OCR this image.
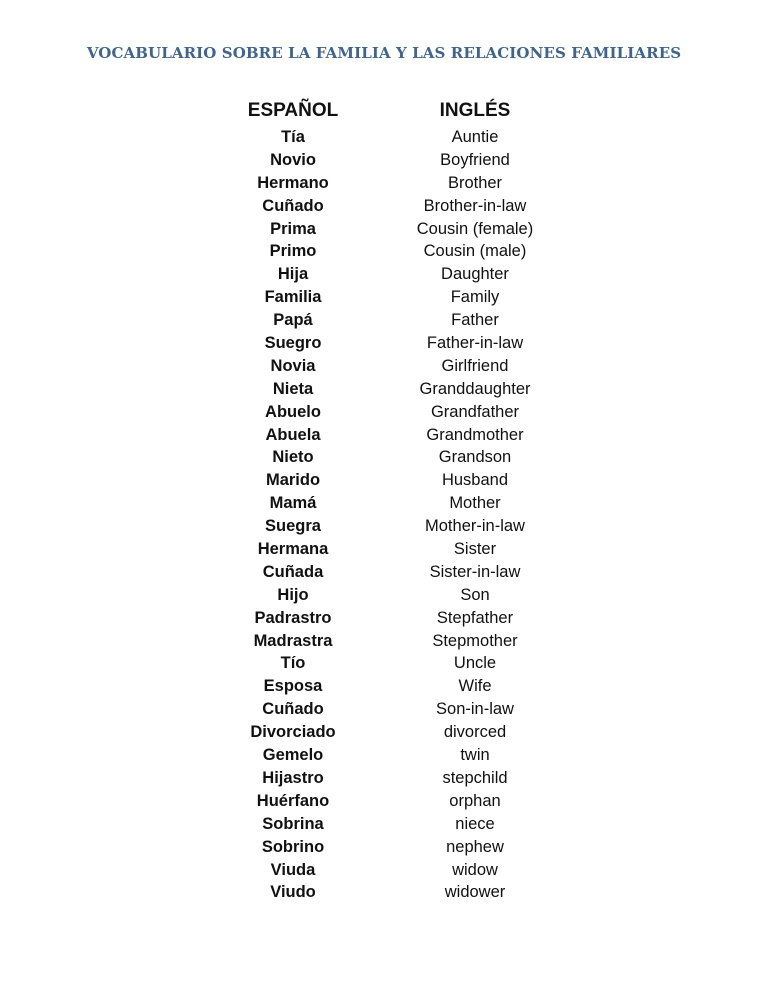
VOCABULARIO SOBRE LA FAMILIA Y LAS RELACIONES FAMILIARES
ESPAÑOL	INGLÉS
Tía	Auntie
Novio	Boyfriend
Hermano	Brother
Cuñado	Brother-in-law
Prima	Cousin (female)
Primo	Cousin (male)
Hija	Daughter
Familia	Family
Papá	Father
Suegro	Father-in-law
Novia	Girlfriend
Nieta	Granddaughter
Abuelo	Grandfather
Abuela	Grandmother
Nieto	Grandson
Marido	Husband
Mamá	Mother
Suegra	Mother-in-law
Hermana	Sister
Cuñada	Sister-in-law
Hijo	Son
Padrastro	Stepfather
Madrastra	Stepmother
Tío	Uncle
Esposa	Wife
Cuñado	Son-in-law
Divorciado	divorced
Gemelo	twin
Hijastro	stepchild
Huérfano	orphan
Sobrina	niece
Sobrino	nephew
Viuda	widow
Viudo	widower
